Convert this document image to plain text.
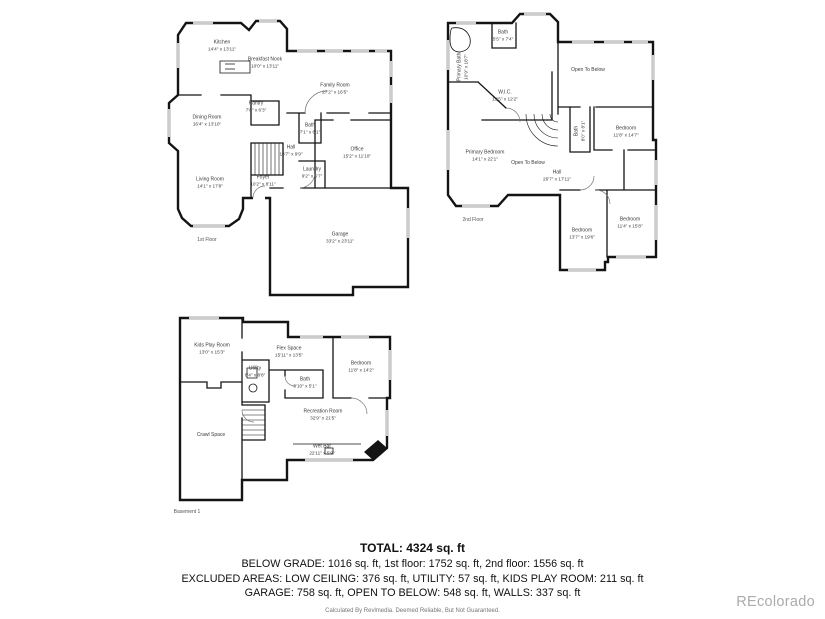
Kitchen
14'4" x 13'11"
Breakfast Nook
10'0" x 13'11"
Family Room
27'2" x 16'5"
Pantry
7'8" x 6'3"
Dining Room
16'4" x 13'10"	Bath
7'1" x 6'1"
Hall
13'7" x 9'9"
Office
15'2" x 11'10"
Laundry
9'2" x 6'7"
Foyer
10'2" x 8'11"
Living Room
14'1" x 17'8"
Garage
33'2" x 23'11"
1st Floor
Primary Bath 10'9" x 18'7"
Bath
5'5" x 7'4"
Open To Below
W.I.C.
19'5" x 12'2"
Primary Bedroom
14'1" x 22'1"
Open To Below
Hall
26'7" x 17'11"
Bath 8'0" x 8'1"	Bedroom
11'8" x 14'7"
Bedroom
11'4" x 15'8"
Bedroom
13'7" x 19'6"
2nd Floor
Kids Play Room
13'0" x 15'3"	Flex Space
15'11" x 13'5"
Bedroom
11'8" x 14'2"
Utility
6'4" x 8'8"
Bath
8'10" x 5'1"
Recreation Room
32'9" x 21'5"
Crawl Space
Wet Bar
22'11" x 5'9"
Basement 1
TOTAL: 4324 sq. ft
BELOW GRADE: 1016 sq. ft, 1st floor: 1752 sq. ft, 2nd floor: 1556 sq. ft
EXCLUDED AREAS: LOW CEILING: 376 sq. ft, UTILITY: 57 sq. ft, KIDS PLAY ROOM: 211 sq. ft
GARAGE: 758 sq. ft, OPEN TO BELOW: 548 sq. ft, WALLS: 337 sq. ft
Calculated By Revlmedia. Deemed Reliable, But Not Guaranteed.
REcolorado
